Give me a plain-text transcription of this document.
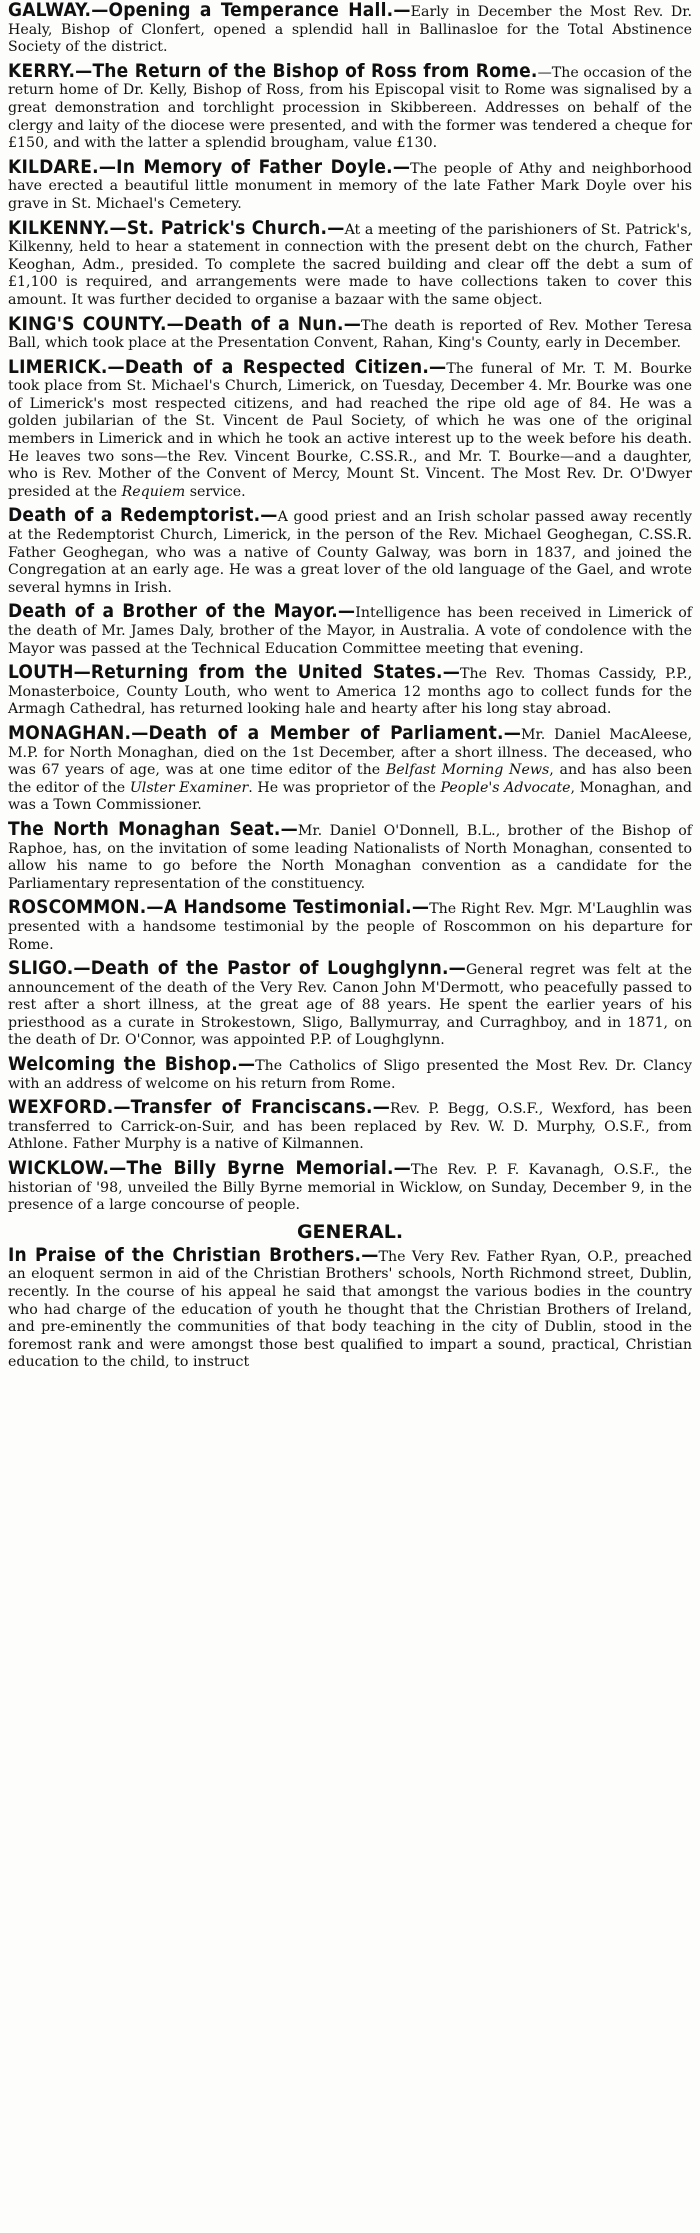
GALWAY.—Opening a Temperance Hall.—Early in December the Most Rev. Dr. Healy, Bishop of Clonfert, opened a splendid hall in Ballinasloe for the Total Abstinence Society of the district.

KERRY.—The Return of the Bishop of Ross from Rome.—The occasion of the return home of Dr. Kelly, Bishop of Ross, from his Episcopal visit to Rome was signalised by a great demonstration and torchlight procession in Skibbereen. Addresses on behalf of the clergy and laity of the diocese were presented, and with the former was tendered a cheque for £150, and with the latter a splendid brougham, value £130.

KILDARE.—In Memory of Father Doyle.—The people of Athy and neighborhood have erected a beautiful little monument in memory of the late Father Mark Doyle over his grave in St. Michael's Cemetery.

KILKENNY.—St. Patrick's Church.—At a meeting of the parishioners of St. Patrick's, Kilkenny, held to hear a statement in connection with the present debt on the church, Father Keoghan, Adm., presided. To complete the sacred building and clear off the debt a sum of £1,100 is required, and arrangements were made to have collections taken to cover this amount. It was further decided to organise a bazaar with the same object.

KING'S COUNTY.—Death of a Nun.—The death is reported of Rev. Mother Teresa Ball, which took place at the Presentation Convent, Rahan, King's County, early in December.

LIMERICK.—Death of a Respected Citizen.—The funeral of Mr. T. M. Bourke took place from St. Michael's Church, Limerick, on Tuesday, December 4. Mr. Bourke was one of Limerick's most respected citizens, and had reached the ripe old age of 84. He was a golden jubilarian of the St. Vincent de Paul Society, of which he was one of the original members in Limerick and in which he took an active interest up to the week before his death. He leaves two sons—the Rev. Vincent Bourke, C.SS.R., and Mr. T. Bourke—and a daughter, who is Rev. Mother of the Convent of Mercy, Mount St. Vincent. The Most Rev. Dr. O'Dwyer presided at the Requiem service.

Death of a Redemptorist.—A good priest and an Irish scholar passed away recently at the Redemptorist Church, Limerick, in the person of the Rev. Michael Geoghegan, C.SS.R. Father Geoghegan, who was a native of County Galway, was born in 1837, and joined the Congregation at an early age. He was a great lover of the old language of the Gael, and wrote several hymns in Irish.

Death of a Brother of the Mayor.—Intelligence has been received in Limerick of the death of Mr. James Daly, brother of the Mayor, in Australia. A vote of condolence with the Mayor was passed at the Technical Education Committee meeting that evening.

LOUTH—Returning from the United States.—The Rev. Thomas Cassidy, P.P., Monasterboice, County Louth, who went to America 12 months ago to collect funds for the Armagh Cathedral, has returned looking hale and hearty after his long stay abroad.

MONAGHAN.—Death of a Member of Parliament.—Mr. Daniel MacAleese, M.P. for North Monaghan, died on the 1st December, after a short illness. The deceased, who was 67 years of age, was at one time editor of the Belfast Morning News, and has also been the editor of the Ulster Examiner. He was proprietor of the People's Advocate, Monaghan, and was a Town Commissioner.

The North Monaghan Seat.—Mr. Daniel O'Donnell, B.L., brother of the Bishop of Raphoe, has, on the invitation of some leading Nationalists of North Monaghan, consented to allow his name to go before the North Monaghan convention as a candidate for the Parliamentary representation of the constituency.

ROSCOMMON.—A Handsome Testimonial.—The Right Rev. Mgr. M'Laughlin was presented with a handsome testimonial by the people of Roscommon on his departure for Rome.

SLIGO.—Death of the Pastor of Loughglynn.—General regret was felt at the announcement of the death of the Very Rev. Canon John M'Dermott, who peacefully passed to rest after a short illness, at the great age of 88 years. He spent the earlier years of his priesthood as a curate in Strokestown, Sligo, Ballymurray, and Curraghboy, and in 1871, on the death of Dr. O'Connor, was appointed P.P. of Loughglynn.

Welcoming the Bishop.—The Catholics of Sligo presented the Most Rev. Dr. Clancy with an address of welcome on his return from Rome.

WEXFORD.—Transfer of Franciscans.—Rev. P. Begg, O.S.F., Wexford, has been transferred to Carrick-on-Suir, and has been replaced by Rev. W. D. Murphy, O.S.F., from Athlone. Father Murphy is a native of Kilmannen.

WICKLOW.—The Billy Byrne Memorial.—The Rev. P. F. Kavanagh, O.S.F., the historian of '98, unveiled the Billy Byrne memorial in Wicklow, on Sunday, December 9, in the presence of a large concourse of people.

GENERAL.

In Praise of the Christian Brothers.—The Very Rev. Father Ryan, O.P., preached an eloquent sermon in aid of the Christian Brothers' schools, North Richmond street, Dublin, recently. In the course of his appeal he said that amongst the various bodies in the country who had charge of the education of youth he thought that the Christian Brothers of Ireland, and pre-eminently the communities of that body teaching in the city of Dublin, stood in the foremost rank and were amongst those best qualified to impart a sound, practical, Christian education to the child, to instruct
